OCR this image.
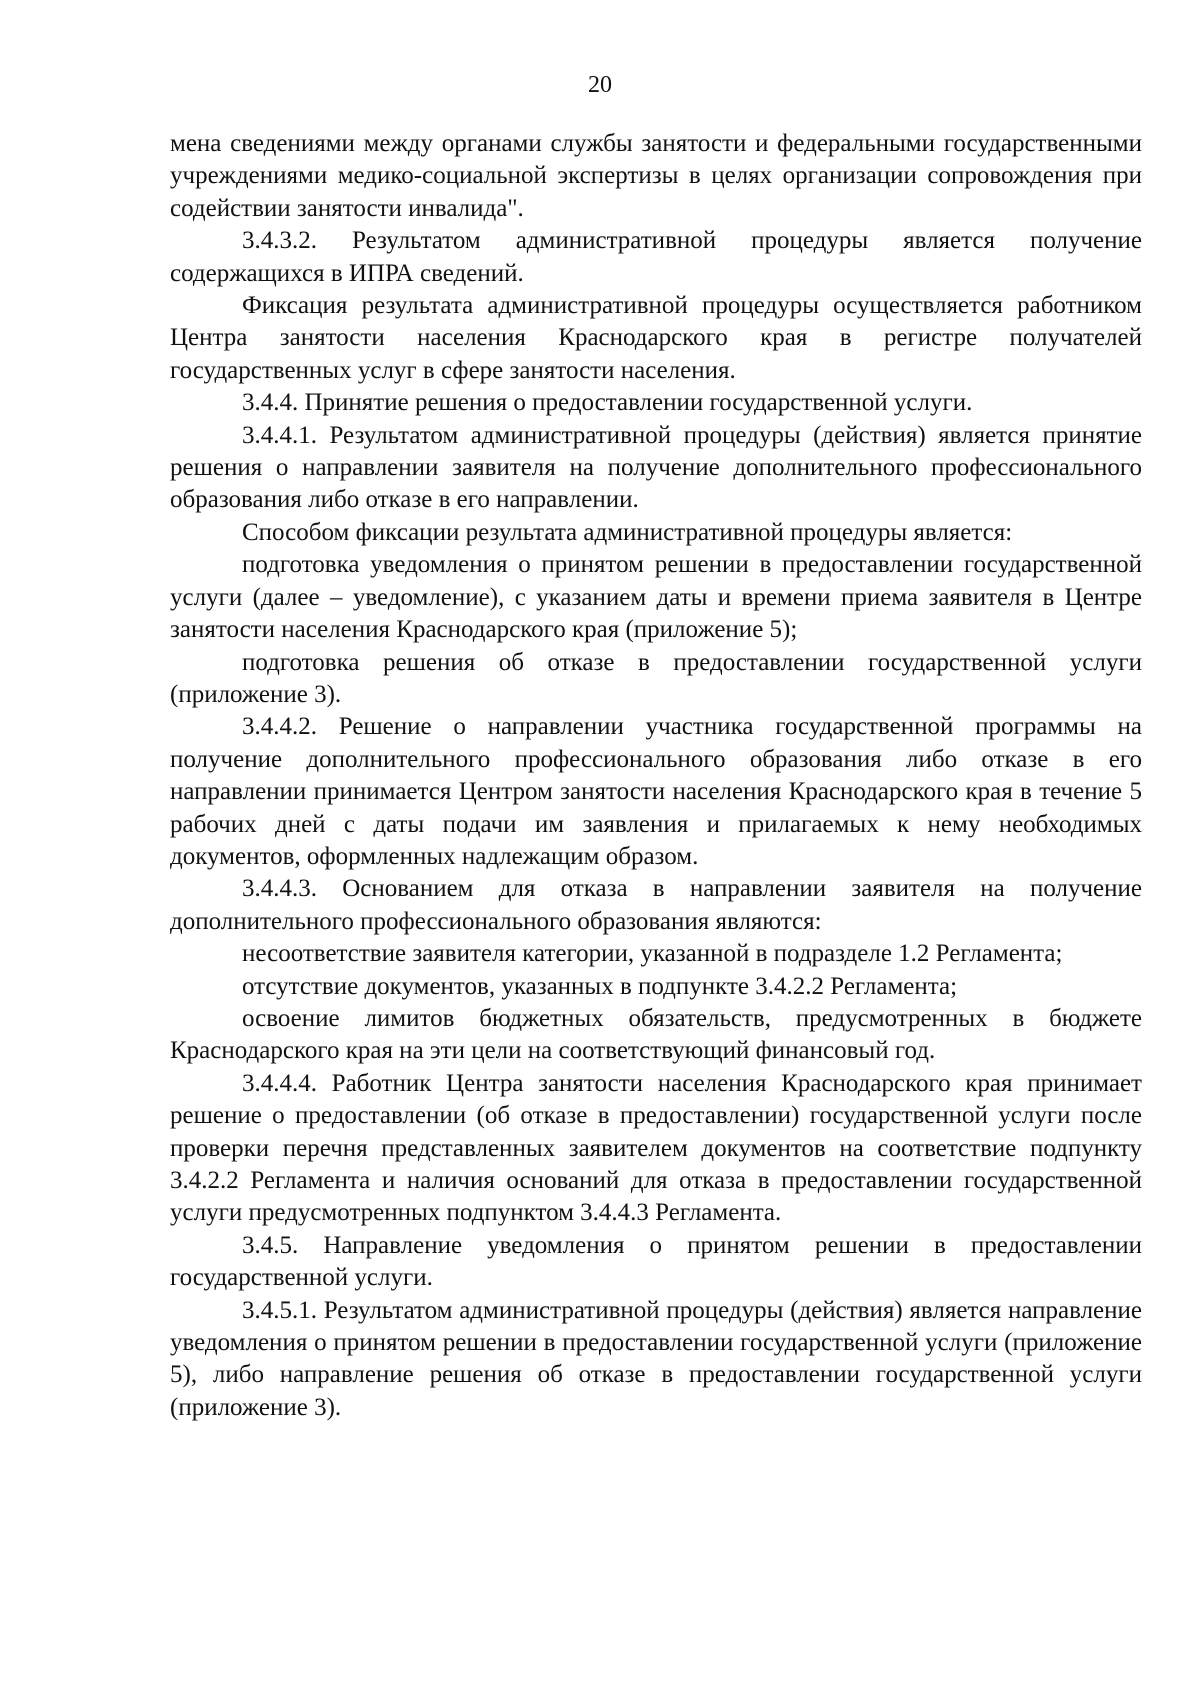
20

мена сведениями между органами службы занятости и федеральными государственными учреждениями медико-социальной экспертизы в целях организации сопровождения при содействии занятости инвалида".

3.4.3.2. Результатом административной процедуры является получение содержащихся в ИПРА сведений.

Фиксация результата административной процедуры осуществляется работником Центра занятости населения Краснодарского края в регистре получателей государственных услуг в сфере занятости населения.

3.4.4. Принятие решения о предоставлении государственной услуги.

3.4.4.1. Результатом административной процедуры (действия) является принятие решения о направлении заявителя на получение дополнительного профессионального образования либо отказе в его направлении.

Способом фиксации результата административной процедуры является:

подготовка уведомления о принятом решении в предоставлении государственной услуги (далее – уведомление), с указанием даты и времени приема заявителя в Центре занятости населения Краснодарского края (приложение 5);

подготовка решения об отказе в предоставлении государственной услуги (приложение 3).

3.4.4.2. Решение о направлении участника государственной программы на получение дополнительного профессионального образования либо отказе в его направлении принимается Центром занятости населения Краснодарского края в течение 5 рабочих дней с даты подачи им заявления и прилагаемых к нему необходимых документов, оформленных надлежащим образом.

3.4.4.3. Основанием для отказа в направлении заявителя на получение дополнительного профессионального образования являются:

несоответствие заявителя категории, указанной в подразделе 1.2 Регламента;

отсутствие документов, указанных в подпункте 3.4.2.2 Регламента;

освоение лимитов бюджетных обязательств, предусмотренных в бюджете Краснодарского края на эти цели на соответствующий финансовый год.

3.4.4.4. Работник Центра занятости населения Краснодарского края принимает решение о предоставлении (об отказе в предоставлении) государственной услуги после проверки перечня представленных заявителем документов на соответствие подпункту 3.4.2.2 Регламента и наличия оснований для отказа в предоставлении государственной услуги предусмотренных подпунктом 3.4.4.3 Регламента.

3.4.5. Направление уведомления о принятом решении в предоставлении государственной услуги.

3.4.5.1. Результатом административной процедуры (действия) является направление уведомления о принятом решении в предоставлении государственной услуги (приложение 5), либо направление решения об отказе в предоставлении государственной услуги (приложение 3).
